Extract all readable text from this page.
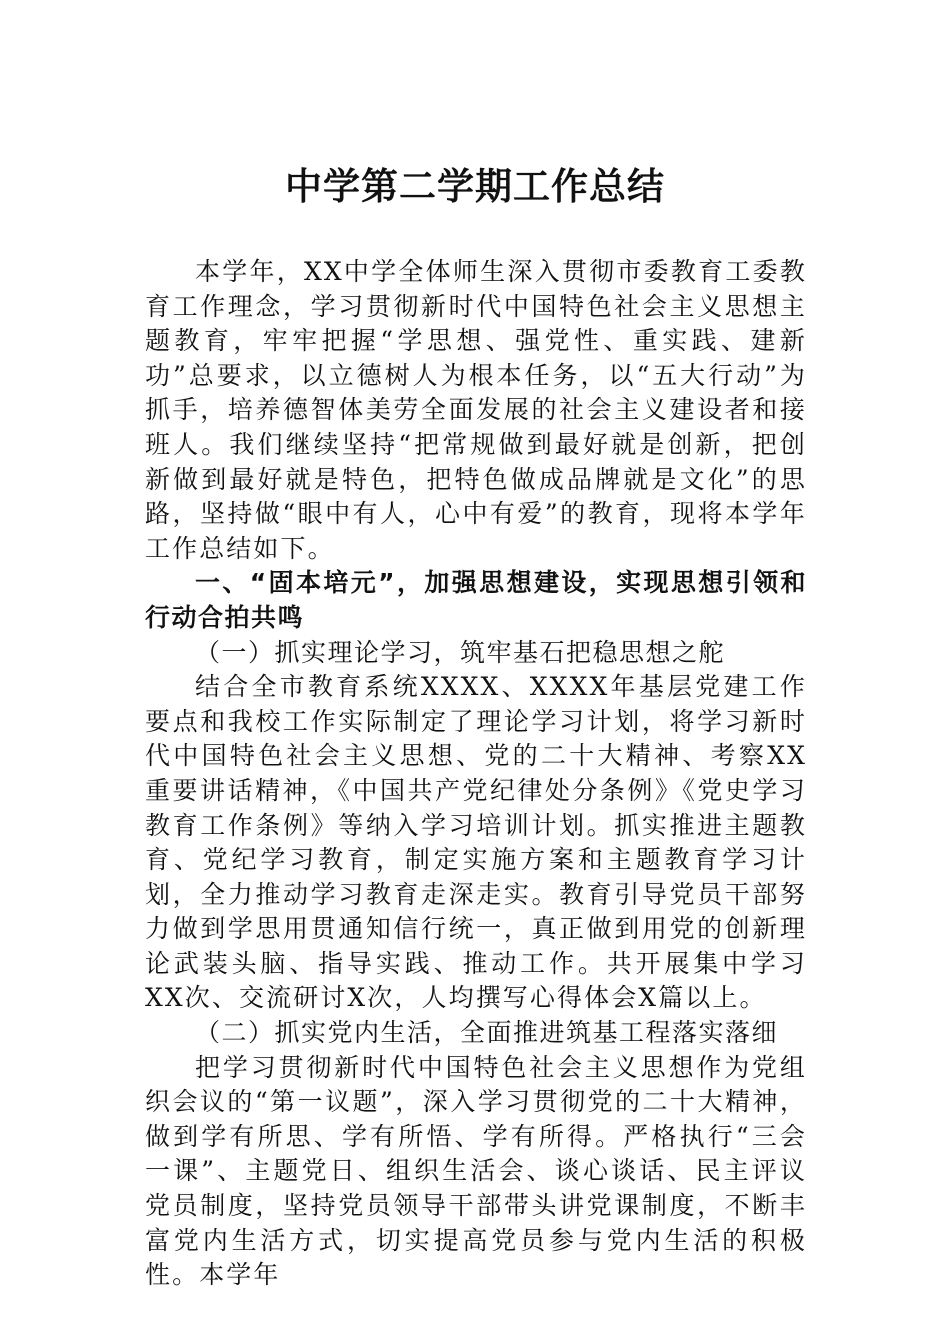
中学第二学期工作总结

本学年，XX中学全体师生深入贯彻市委教育工委教育工作理念，学习贯彻新时代中国特色社会主义思想主题教育，牢牢把握“学思想、强党性、重实践、建新功”总要求，以立德树人为根本任务，以“五大行动”为抓手，培养德智体美劳全面发展的社会主义建设者和接班人。我们继续坚持“把常规做到最好就是创新，把创新做到最好就是特色，把特色做成品牌就是文化”的思路，坚持做“眼中有人，心中有爱”的教育，现将本学年工作总结如下。

一、“固本培元”，加强思想建设，实现思想引领和行动合拍共鸣
（一）抓实理论学习，筑牢基石把稳思想之舵

结合全市教育系统XXXX、XXXX年基层党建工作要点和我校工作实际制定了理论学习计划，将学习新时代中国特色社会主义思想、党的二十大精神、考察XX重要讲话精神，《中国共产党纪律处分条例》《党史学习教育工作条例》等纳入学习培训计划。抓实推进主题教育、党纪学习教育，制定实施方案和主题教育学习计划，全力推动学习教育走深走实。教育引导党员干部努力做到学思用贯通知信行统一，真正做到用党的创新理论武装头脑、指导实践、推动工作。共开展集中学习XX次、交流研讨X次，人均撰写心得体会X篇以上。

（二）抓实党内生活，全面推进筑基工程落实落细

把学习贯彻新时代中国特色社会主义思想作为党组织会议的“第一议题”，深入学习贯彻党的二十大精神，做到学有所思、学有所悟、学有所得。严格执行“三会一课”、主题党日、组织生活会、谈心谈话、民主评议党员制度，坚持党员领导干部带头讲党课制度，不断丰富党内生活方式，切实提高党员参与党内生活的积极性。本学年
